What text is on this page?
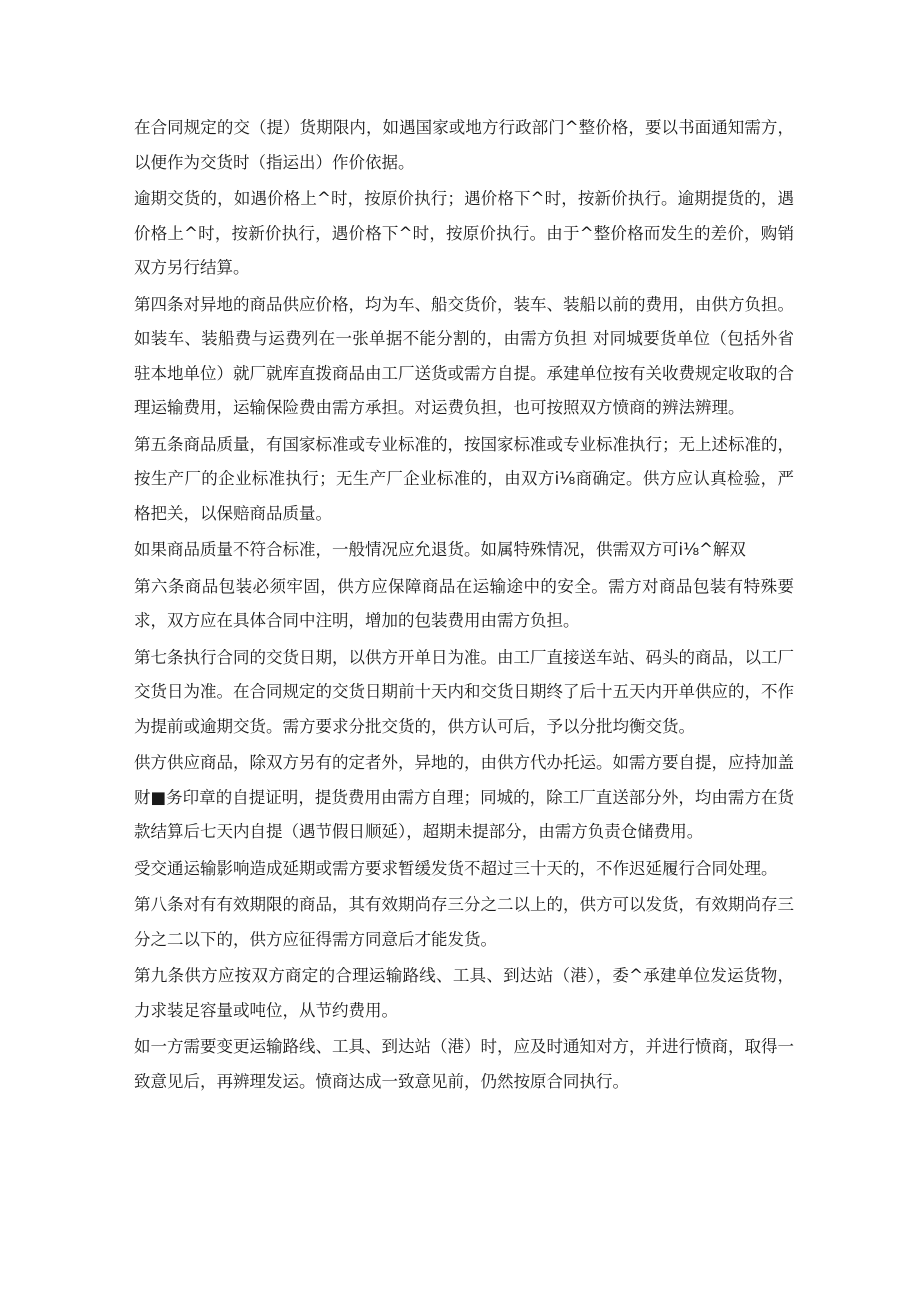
在合同规定的交（提）货期限内，如遇国家或地方行政部门^整价格，要以书面通知需方，以便作为交货时（指运出）作价依据。

逾期交货的，如遇价格上^时，按原价执行；遇价格下^时，按新价执行。逾期提货的，遇价格上^时，按新价执行，遇价格下^时，按原价执行。由于^整价格而发生的差价，购销双方另行结算。

第四条对异地的商品供应价格，均为车、船交货价，装车、装船以前的费用，由供方负担。如装车、装船费与运费列在一张单据不能分割的，由需方负担 对同城要货单位（包括外省驻本地单位）就厂就库直拨商品由工厂送货或需方自提。承建单位按有关收费规定收取的合理运输费用，运输保险费由需方承担。对运费负担，也可按照双方愤商的辨法辨理。

第五条商品质量，有国家标准或专业标准的，按国家标准或专业标准执行；无上述标准的，按生产厂的企业标准执行；无生产厂企业标准的，由双方i⅛商确定。供方应认真检验，严格把关，以保赔商品质量。

如果商品质量不符合标准，一般情况应允退货。如属特殊情况，供需双方可i⅛^解双

第六条商品包装必须牢固，供方应保障商品在运输途中的安全。需方对商品包装有特殊要求，双方应在具体合同中注明，增加的包装费用由需方负担。

第七条执行合同的交货日期，以供方开单日为准。由工厂直接送车站、码头的商品，以工厂交货日为准。在合同规定的交货日期前十天内和交货日期终了后十五天内开单供应的，不作为提前或逾期交货。需方要求分批交货的，供方认可后，予以分批均衡交货。

供方供应商品，除双方另有的定者外，异地的，由供方代办托运。如需方要自提，应持加盖财■务印章的自提证明，提货费用由需方自理；同城的，除工厂直送部分外，均由需方在货款结算后七天内自提（遇节假日顺延），超期未提部分，由需方负责仓储费用。

受交通运输影响造成延期或需方要求暂缓发货不超过三十天的，不作迟延履行合同处理。

第八条对有有效期限的商品，其有效期尚存三分之二以上的，供方可以发货，有效期尚存三分之二以下的，供方应征得需方同意后才能发货。

第九条供方应按双方商定的合理运输路线、工具、到达站（港），委^承建单位发运货物，力求装足容量或吨位，从节约费用。

如一方需要变更运输路线、工具、到达站（港）时，应及时通知对方，并进行愤商，取得一致意见后，再辨理发运。愤商达成一致意见前，仍然按原合同执行。
